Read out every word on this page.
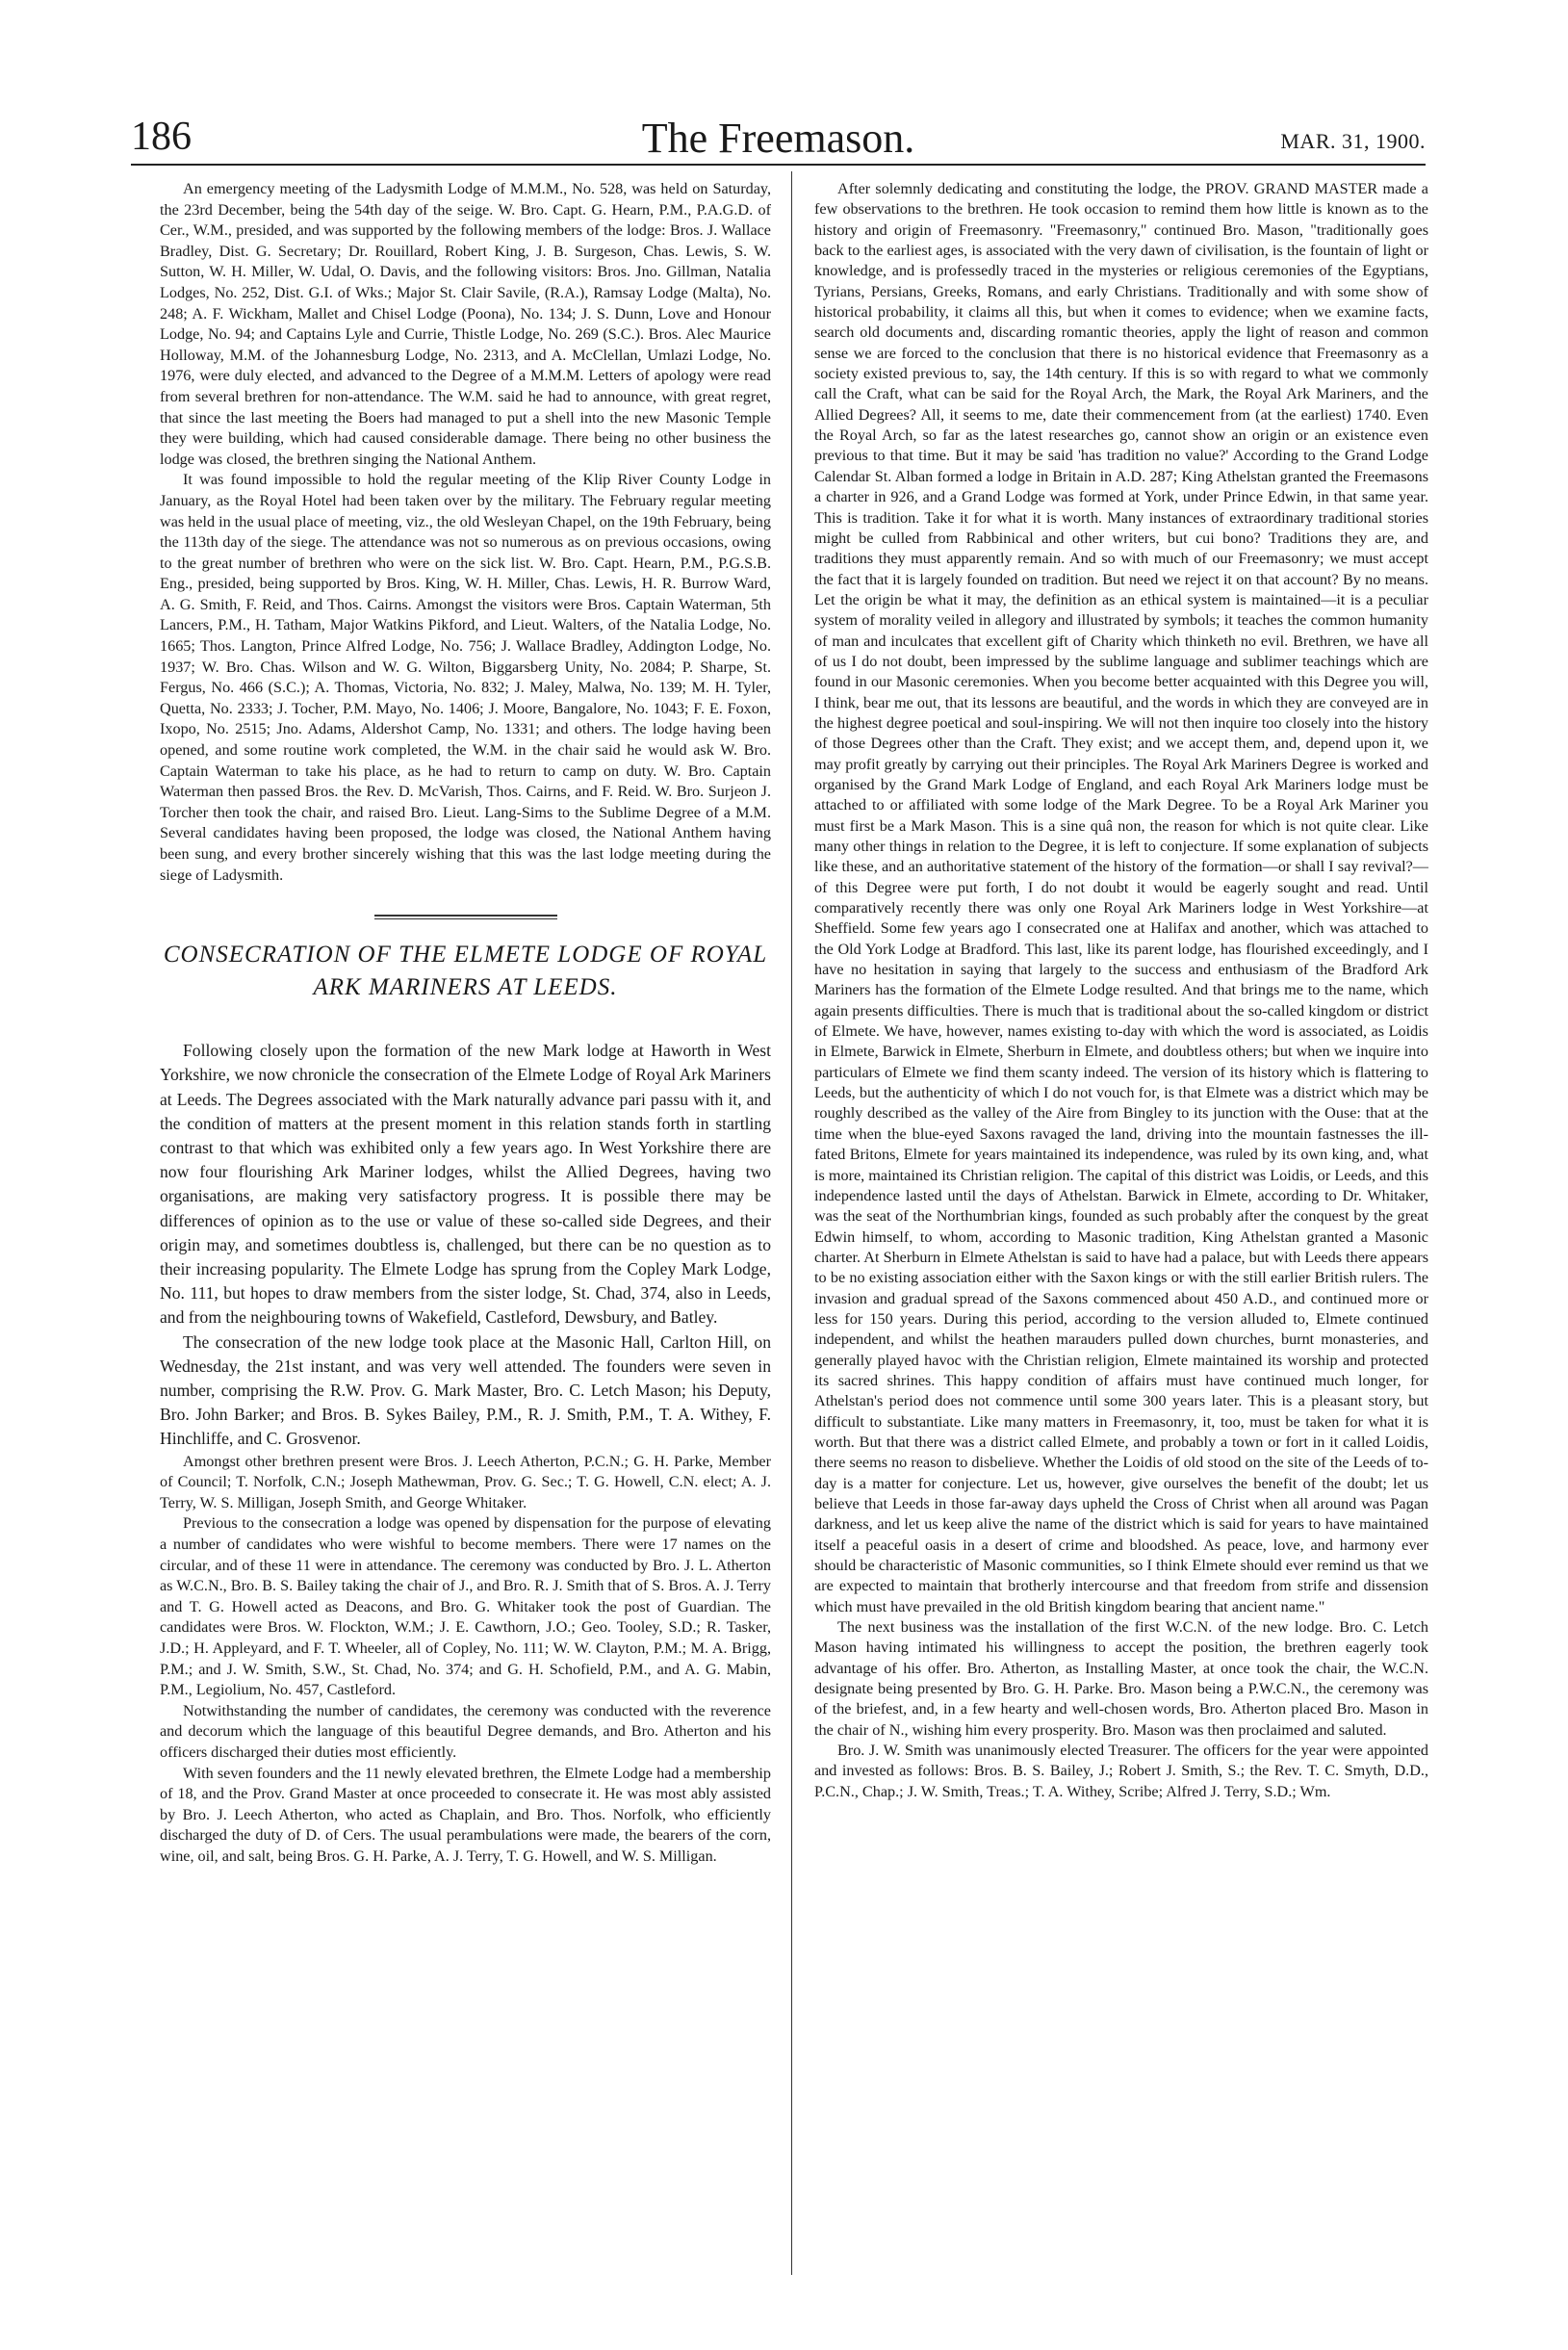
186	The Freemason.	MAR. 31, 1900.

An emergency meeting of the Ladysmith Lodge of M.M.M., No. 528, was held on Saturday, the 23rd December, being the 54th day of the seige. W. Bro. Capt. G. Hearn, P.M., P.A.G.D. of Cer., W.M., presided, and was supported by the following members of the lodge: Bros. J. Wallace Bradley, Dist. G. Secretary; Dr. Rouillard, Robert King, J. B. Surgeson, Chas. Lewis, S. W. Sutton, W. H. Miller, W. Udal, O. Davis, and the following visitors: Bros. Jno. Gillman, Natalia Lodges, No. 252, Dist. G.I. of Wks.; Major St. Clair Savile, (R.A.), Ramsay Lodge (Malta), No. 248; A. F. Wickham, Mallet and Chisel Lodge (Poona), No. 134; J. S. Dunn, Love and Honour Lodge, No. 94; and Captains Lyle and Currie, Thistle Lodge, No. 269 (S.C.). Bros. Alec Maurice Holloway, M.M. of the Johannesburg Lodge, No. 2313, and A. McClellan, Umlazi Lodge, No. 1976, were duly elected, and advanced to the Degree of a M.M.M. Letters of apology were read from several brethren for non-attendance. The W.M. said he had to announce, with great regret, that since the last meeting the Boers had managed to put a shell into the new Masonic Temple they were building, which had caused considerable damage. There being no other business the lodge was closed, the brethren singing the National Anthem.

It was found impossible to hold the regular meeting of the Klip River County Lodge in January, as the Royal Hotel had been taken over by the military. The February regular meeting was held in the usual place of meeting, viz., the old Wesleyan Chapel, on the 19th February, being the 113th day of the siege. The attendance was not so numerous as on previous occasions, owing to the great number of brethren who were on the sick list. W. Bro. Capt. Hearn, P.M., P.G.S.B. Eng., presided, being supported by Bros. King, W. H. Miller, Chas. Lewis, H. R. Burrow Ward, A. G. Smith, F. Reid, and Thos. Cairns. Amongst the visitors were Bros. Captain Waterman, 5th Lancers, P.M., H. Tatham, Major Watkins Pikford, and Lieut. Walters, of the Natalia Lodge, No. 1665; Thos. Langton, Prince Alfred Lodge, No. 756; J. Wallace Bradley, Addington Lodge, No. 1937; W. Bro. Chas. Wilson and W. G. Wilton, Biggarsberg Unity, No. 2084; P. Sharpe, St. Fergus, No. 466 (S.C.); A. Thomas, Victoria, No. 832; J. Maley, Malwa, No. 139; M. H. Tyler, Quetta, No. 2333; J. Tocher, P.M. Mayo, No. 1406; J. Moore, Bangalore, No. 1043; F. E. Foxon, Ixopo, No. 2515; Jno. Adams, Aldershot Camp, No. 1331; and others. The lodge having been opened, and some routine work completed, the W.M. in the chair said he would ask W. Bro. Captain Waterman to take his place, as he had to return to camp on duty. W. Bro. Captain Waterman then passed Bros. the Rev. D. McVarish, Thos. Cairns, and F. Reid. W. Bro. Surjeon J. Torcher then took the chair, and raised Bro. Lieut. Lang-Sims to the Sublime Degree of a M.M. Several candidates having been proposed, the lodge was closed, the National Anthem having been sung, and every brother sincerely wishing that this was the last lodge meeting during the siege of Ladysmith.

CONSECRATION OF THE ELMETE LODGE OF ROYAL ARK MARINERS AT LEEDS.

Following closely upon the formation of the new Mark lodge at Haworth in West Yorkshire, we now chronicle the consecration of the Elmete Lodge of Royal Ark Mariners at Leeds. The Degrees associated with the Mark naturally advance pari passu with it, and the condition of matters at the present moment in this relation stands forth in startling contrast to that which was exhibited only a few years ago. In West Yorkshire there are now four flourishing Ark Mariner lodges, whilst the Allied Degrees, having two organisations, are making very satisfactory progress. It is possible there may be differences of opinion as to the use or value of these so-called side Degrees, and their origin may, and sometimes doubtless is, challenged, but there can be no question as to their increasing popularity. The Elmete Lodge has sprung from the Copley Mark Lodge, No. 111, but hopes to draw members from the sister lodge, St. Chad, 374, also in Leeds, and from the neighbouring towns of Wakefield, Castleford, Dewsbury, and Batley.

The consecration of the new lodge took place at the Masonic Hall, Carlton Hill, on Wednesday, the 21st instant, and was very well attended. The founders were seven in number, comprising the R.W. Prov. G. Mark Master, Bro. C. Letch Mason; his Deputy, Bro. John Barker; and Bros. B. Sykes Bailey, P.M., R. J. Smith, P.M., T. A. Withey, F. Hinchliffe, and C. Grosvenor.

Amongst other brethren present were Bros. J. Leech Atherton, P.C.N.; G. H. Parke, Member of Council; T. Norfolk, C.N.; Joseph Mathewman, Prov. G. Sec.; T. G. Howell, C.N. elect; A. J. Terry, W. S. Milligan, Joseph Smith, and George Whitaker.

Previous to the consecration a lodge was opened by dispensation for the purpose of elevating a number of candidates who were wishful to become members. There were 17 names on the circular, and of these 11 were in attendance. The ceremony was conducted by Bro. J. L. Atherton as W.C.N., Bro. B. S. Bailey taking the chair of J., and Bro. R. J. Smith that of S. Bros. A. J. Terry and T. G. Howell acted as Deacons, and Bro. G. Whitaker took the post of Guardian. The candidates were Bros. W. Flockton, W.M.; J. E. Cawthorn, J.O.; Geo. Tooley, S.D.; R. Tasker, J.D.; H. Appleyard, and F. T. Wheeler, all of Copley, No. 111; W. W. Clayton, P.M.; M. A. Brigg, P.M.; and J. W. Smith, S.W., St. Chad, No. 374; and G. H. Schofield, P.M., and A. G. Mabin, P.M., Legiolium, No. 457, Castleford.

Notwithstanding the number of candidates, the ceremony was conducted with the reverence and decorum which the language of this beautiful Degree demands, and Bro. Atherton and his officers discharged their duties most efficiently.

With seven founders and the 11 newly elevated brethren, the Elmete Lodge had a membership of 18, and the Prov. Grand Master at once proceeded to consecrate it. He was most ably assisted by Bro. J. Leech Atherton, who acted as Chaplain, and Bro. Thos. Norfolk, who efficiently discharged the duty of D. of Cers. The usual perambulations were made, the bearers of the corn, wine, oil, and salt, being Bros. G. H. Parke, A. J. Terry, T. G. Howell, and W. S. Milligan.

After solemnly dedicating and constituting the lodge, the PROV. GRAND MASTER made a few observations to the brethren. He took occasion to remind them how little is known as to the history and origin of Freemasonry. "Freemasonry," continued Bro. Mason, "traditionally goes back to the earliest ages, is associated with the very dawn of civilisation, is the fountain of light or knowledge, and is professedly traced in the mysteries or religious ceremonies of the Egyptians, Tyrians, Persians, Greeks, Romans, and early Christians. Traditionally and with some show of historical probability, it claims all this, but when it comes to evidence; when we examine facts, search old documents and, discarding romantic theories, apply the light of reason and common sense we are forced to the conclusion that there is no historical evidence that Freemasonry as a society existed previous to, say, the 14th century. If this is so with regard to what we commonly call the Craft, what can be said for the Royal Arch, the Mark, the Royal Ark Mariners, and the Allied Degrees? All, it seems to me, date their commencement from (at the earliest) 1740. Even the Royal Arch, so far as the latest researches go, cannot show an origin or an existence even previous to that time. But it may be said 'has tradition no value?' According to the Grand Lodge Calendar St. Alban formed a lodge in Britain in A.D. 287; King Athelstan granted the Freemasons a charter in 926, and a Grand Lodge was formed at York, under Prince Edwin, in that same year. This is tradition. Take it for what it is worth. Many instances of extraordinary traditional stories might be culled from Rabbinical and other writers, but cui bono? Traditions they are, and traditions they must apparently remain. And so with much of our Freemasonry; we must accept the fact that it is largely founded on tradition. But need we reject it on that account? By no means. Let the origin be what it may, the definition as an ethical system is maintained—it is a peculiar system of morality veiled in allegory and illustrated by symbols; it teaches the common humanity of man and inculcates that excellent gift of Charity which thinketh no evil. Brethren, we have all of us I do not doubt, been impressed by the sublime language and sublimer teachings which are found in our Masonic ceremonies. When you become better acquainted with this Degree you will, I think, bear me out, that its lessons are beautiful, and the words in which they are conveyed are in the highest degree poetical and soul-inspiring. We will not then inquire too closely into the history of those Degrees other than the Craft. They exist; and we accept them, and, depend upon it, we may profit greatly by carrying out their principles. The Royal Ark Mariners Degree is worked and organised by the Grand Mark Lodge of England, and each Royal Ark Mariners lodge must be attached to or affiliated with some lodge of the Mark Degree. To be a Royal Ark Mariner you must first be a Mark Mason. This is a sine quâ non, the reason for which is not quite clear. Like many other things in relation to the Degree, it is left to conjecture. If some explanation of subjects like these, and an authoritative statement of the history of the formation—or shall I say revival?—of this Degree were put forth, I do not doubt it would be eagerly sought and read. Until comparatively recently there was only one Royal Ark Mariners lodge in West Yorkshire—at Sheffield. Some few years ago I consecrated one at Halifax and another, which was attached to the Old York Lodge at Bradford. This last, like its parent lodge, has flourished exceedingly, and I have no hesitation in saying that largely to the success and enthusiasm of the Bradford Ark Mariners has the formation of the Elmete Lodge resulted. And that brings me to the name, which again presents difficulties. There is much that is traditional about the so-called kingdom or district of Elmete. We have, however, names existing to-day with which the word is associated, as Loidis in Elmete, Barwick in Elmete, Sherburn in Elmete, and doubtless others; but when we inquire into particulars of Elmete we find them scanty indeed. The version of its history which is flattering to Leeds, but the authenticity of which I do not vouch for, is that Elmete was a district which may be roughly described as the valley of the Aire from Bingley to its junction with the Ouse: that at the time when the blue-eyed Saxons ravaged the land, driving into the mountain fastnesses the ill-fated Britons, Elmete for years maintained its independence, was ruled by its own king, and, what is more, maintained its Christian religion. The capital of this district was Loidis, or Leeds, and this independence lasted until the days of Athelstan. Barwick in Elmete, according to Dr. Whitaker, was the seat of the Northumbrian kings, founded as such probably after the conquest by the great Edwin himself, to whom, according to Masonic tradition, King Athelstan granted a Masonic charter. At Sherburn in Elmete Athelstan is said to have had a palace, but with Leeds there appears to be no existing association either with the Saxon kings or with the still earlier British rulers. The invasion and gradual spread of the Saxons commenced about 450 A.D., and continued more or less for 150 years. During this period, according to the version alluded to, Elmete continued independent, and whilst the heathen marauders pulled down churches, burnt monasteries, and generally played havoc with the Christian religion, Elmete maintained its worship and protected its sacred shrines. This happy condition of affairs must have continued much longer, for Athelstan's period does not commence until some 300 years later. This is a pleasant story, but difficult to substantiate. Like many matters in Freemasonry, it, too, must be taken for what it is worth. But that there was a district called Elmete, and probably a town or fort in it called Loidis, there seems no reason to disbelieve. Whether the Loidis of old stood on the site of the Leeds of to-day is a matter for conjecture. Let us, however, give ourselves the benefit of the doubt; let us believe that Leeds in those far-away days upheld the Cross of Christ when all around was Pagan darkness, and let us keep alive the name of the district which is said for years to have maintained itself a peaceful oasis in a desert of crime and bloodshed. As peace, love, and harmony ever should be characteristic of Masonic communities, so I think Elmete should ever remind us that we are expected to maintain that brotherly intercourse and that freedom from strife and dissension which must have prevailed in the old British kingdom bearing that ancient name."

The next business was the installation of the first W.C.N. of the new lodge. Bro. C. Letch Mason having intimated his willingness to accept the position, the brethren eagerly took advantage of his offer. Bro. Atherton, as Installing Master, at once took the chair, the W.C.N. designate being presented by Bro. G. H. Parke. Bro. Mason being a P.W.C.N., the ceremony was of the briefest, and, in a few hearty and well-chosen words, Bro. Atherton placed Bro. Mason in the chair of N., wishing him every prosperity. Bro. Mason was then proclaimed and saluted.

Bro. J. W. Smith was unanimously elected Treasurer. The officers for the year were appointed and invested as follows: Bros. B. S. Bailey, J.; Robert J. Smith, S.; the Rev. T. C. Smyth, D.D., P.C.N., Chap.; J. W. Smith, Treas.; T. A. Withey, Scribe; Alfred J. Terry, S.D.; Wm.
